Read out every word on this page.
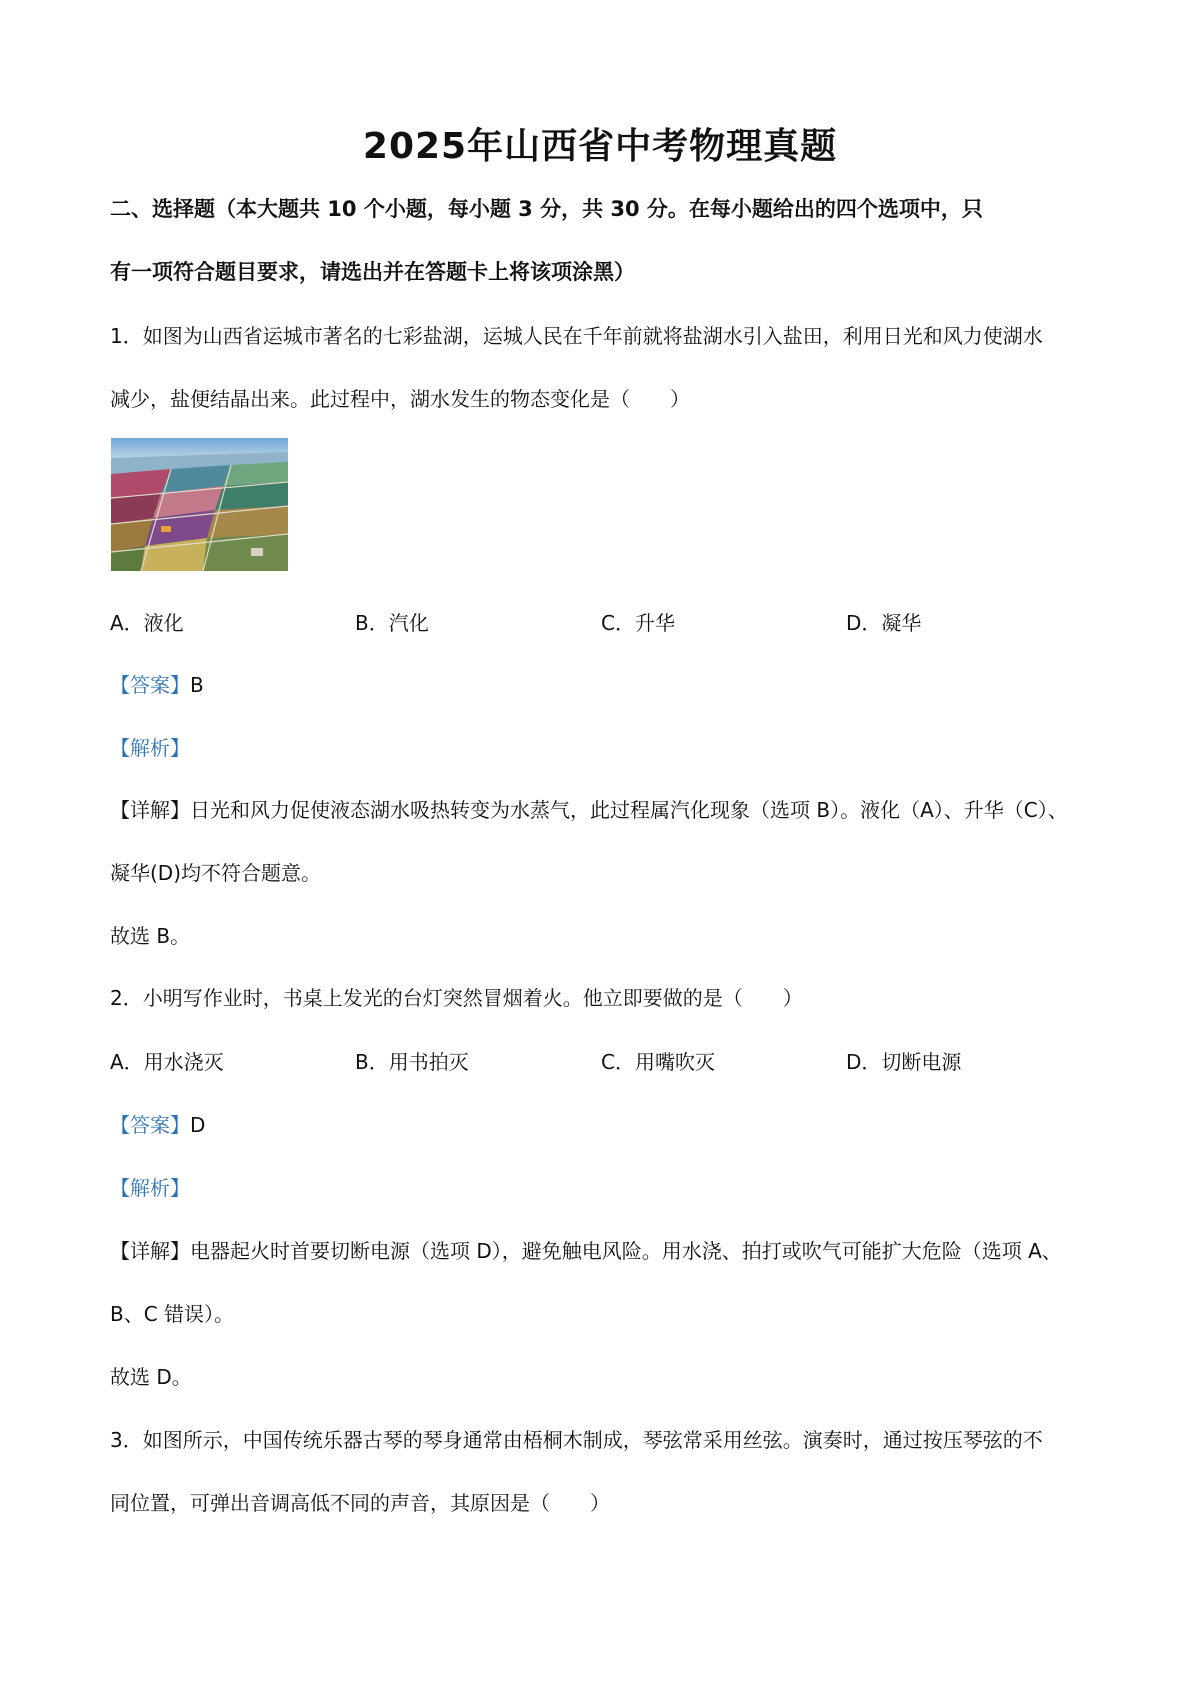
2025年山西省中考物理真题
二、选择题（本大题共 10 个小题，每小题 3 分，共 30 分。在每小题给出的四个选项中，只
有一项符合题目要求，请选出并在答题卡上将该项涂黑）
1．如图为山西省运城市著名的七彩盐湖，运城人民在千年前就将盐湖水引入盐田，利用日光和风力使湖水
减少，盐便结晶出来。此过程中，湖水发生的物态变化是（　　）
A．液化	B．汽化	C．升华	D．凝华
【答案】B
【解析】
【详解】日光和风力促使液态湖水吸热转变为水蒸气，此过程属汽化现象（选项 B）。液化（A）、升华（C）、
凝华(D)均不符合题意。
故选 B。
2．小明写作业时，书桌上发光的台灯突然冒烟着火。他立即要做的是（　　）
A．用水浇灭	B．用书拍灭	C．用嘴吹灭	D．切断电源
【答案】D
【解析】
【详解】电器起火时首要切断电源（选项 D），避免触电风险。用水浇、拍打或吹气可能扩大危险（选项 A、
B、C 错误）。
故选 D。
3．如图所示，中国传统乐器古琴的琴身通常由梧桐木制成，琴弦常采用丝弦。演奏时，通过按压琴弦的不
同位置，可弹出音调高低不同的声音，其原因是（　　）
